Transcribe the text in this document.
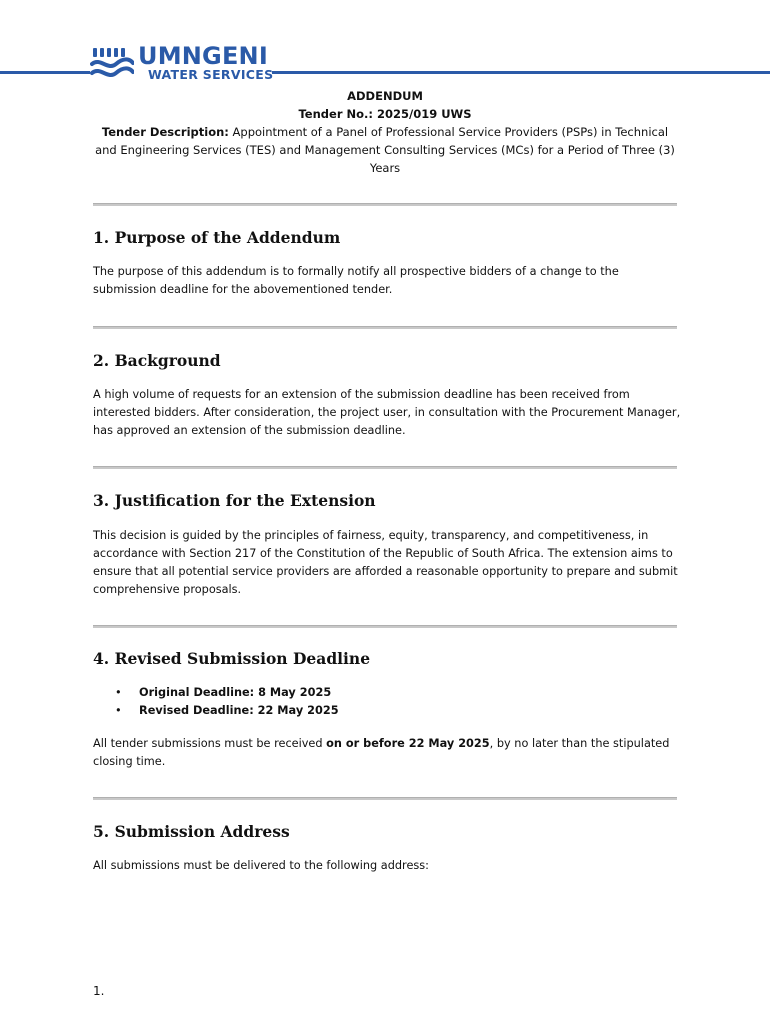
UMNGENI
WATER SERVICES
ADDENDUM
Tender No.: 2025/019 UWS
Tender Description: Appointment of a Panel of Professional Service Providers (PSPs) in Technical and Engineering Services (TES) and Management Consulting Services (MCs) for a Period of Three (3) Years
1. Purpose of the Addendum

The purpose of this addendum is to formally notify all prospective bidders of a change to the submission deadline for the abovementioned tender.

2. Background

A high volume of requests for an extension of the submission deadline has been received from interested bidders. After consideration, the project user, in consultation with the Procurement Manager, has approved an extension of the submission deadline.

3. Justification for the Extension

This decision is guided by the principles of fairness, equity, transparency, and competitiveness, in accordance with Section 217 of the Constitution of the Republic of South Africa. The extension aims to ensure that all potential service providers are afforded a reasonable opportunity to prepare and submit comprehensive proposals.

4. Revised Submission Deadline
• Original Deadline: 8 May 2025
• Revised Deadline: 22 May 2025

All tender submissions must be received on or before 22 May 2025, by no later than the stipulated closing time.

5. Submission Address

All submissions must be delivered to the following address:

1.
